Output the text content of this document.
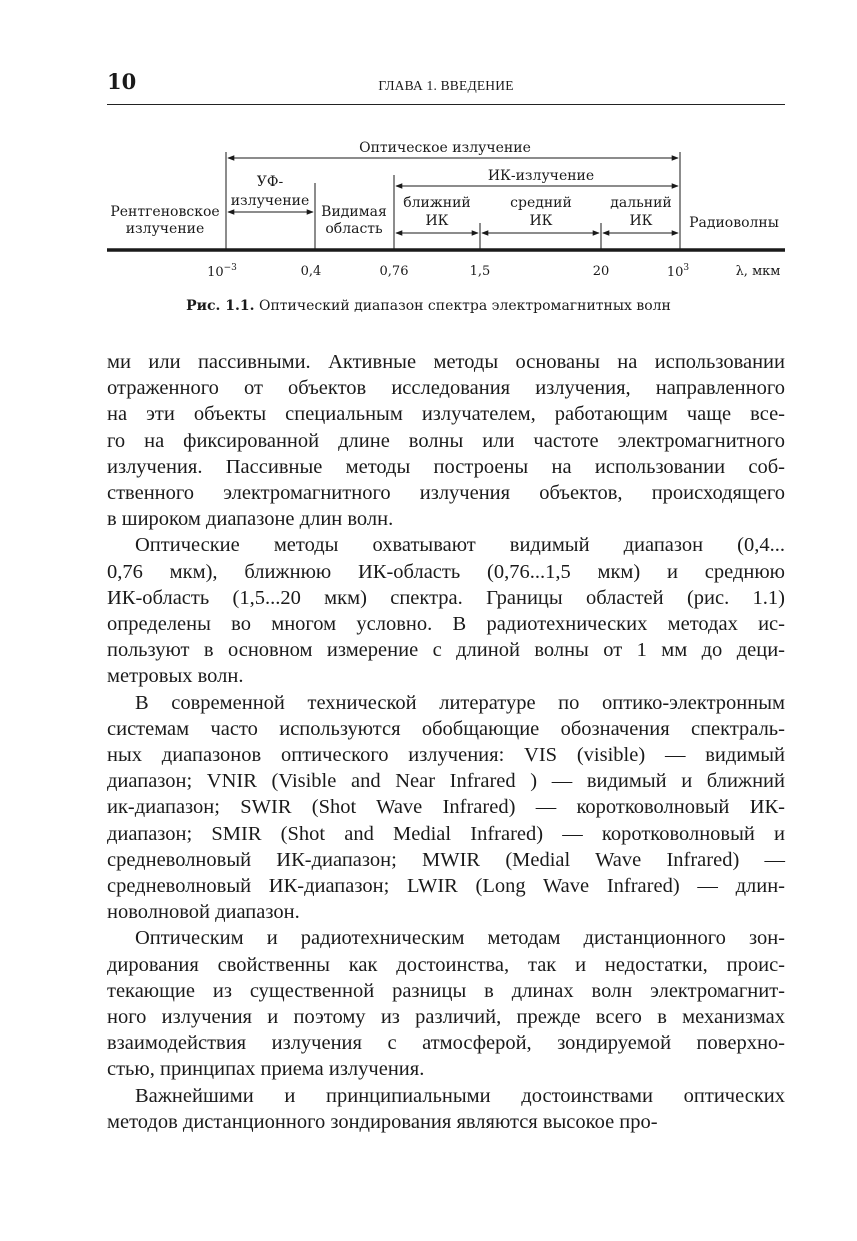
10	ГЛАВА 1. ВВЕДЕНИЕ
Оптическое излучение
ИК-излучение
УФ-
излучение
Рентгеновское
излучение
Видимая
область
ближний
ИК
средний
ИК
дальний
ИК	Радиоволны
$10^{-3}$	0,4	0,76	1,5	20	$10^3$	λ, мкм
Рис. 1.1. Оптический диапазон спектра электромагнитных волн
ми или пассивными. Активные методы основаны на использовании
отраженного от объектов исследования излучения, направленного
на эти объекты специальным излучателем, работающим чаще все-
го на фиксированной длине волны или частоте электромагнитного
излучения. Пассивные методы построены на использовании соб-
ственного электромагнитного излучения объектов, происходящего
в широком диапазоне длин волн.
Оптические методы охватывают видимый диапазон (0,4...
0,76 мкм), ближнюю ИК-область (0,76...1,5 мкм) и среднюю
ИК-область (1,5...20 мкм) спектра. Границы областей (рис. 1.1)
определены во многом условно. В радиотехнических методах ис-
пользуют в основном измерение с длиной волны от 1 мм до деци-
метровых волн.
В современной технической литературе по оптико-электронным
системам часто используются обобщающие обозначения спектраль-
ных диапазонов оптического излучения: VIS (visible) — видимый
диапазон; VNIR (Visible and Near Infrared ) — видимый и ближний
ик-диапазон; SWIR (Shot Wave Infrared) — коротковолновый ИК-
диапазон; SMIR (Shot and Medial Infrared) — коротковолновый и
средневолновый ИК-диапазон; MWIR (Medial Wave Infrared) —
средневолновый ИК-диапазон; LWIR (Long Wave Infrared) — длин-
новолновой диапазон.
Оптическим и радиотехническим методам дистанционного зон-
дирования свойственны как достоинства, так и недостатки, проис-
текающие из существенной разницы в длинах волн электромагнит-
ного излучения и поэтому из различий, прежде всего в механизмах
взаимодействия излучения с атмосферой, зондируемой поверхно-
стью, принципах приема излучения.
Важнейшими и принципиальными достоинствами оптических
методов дистанционного зондирования являются высокое про-
